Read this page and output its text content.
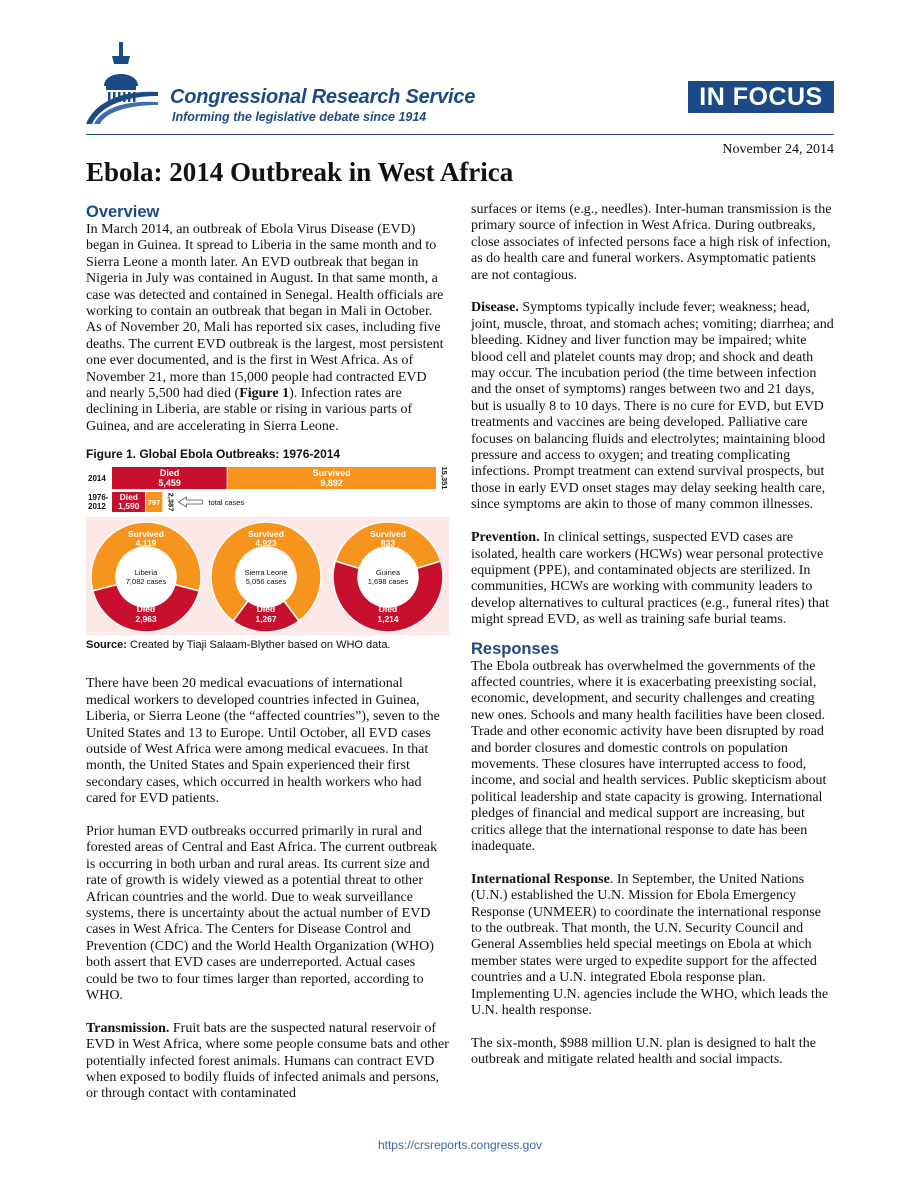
Congressional Research Service
Informing the legislative debate since 1914
IN FOCUS
November 24, 2014
Ebola: 2014 Outbreak in West Africa
Overview

In March 2014, an outbreak of Ebola Virus Disease (EVD) began in Guinea. It spread to Liberia in the same month and to Sierra Leone a month later. An EVD outbreak that began in Nigeria in July was contained in August. In that same month, a case was detected and contained in Senegal. Health officials are working to contain an outbreak that began in Mali in October. As of November 20, Mali has reported six cases, including five deaths. The current EVD outbreak is the largest, most persistent one ever documented, and is the first in West Africa. As of November 21, more than 15,000 people had contracted EVD and nearly 5,500 had died (Figure 1). Infection rates are declining in Liberia, are stable or rising in various parts of Guinea, and are accelerating in Sierra Leone.

Figure 1. Global Ebola Outbreaks: 1976-2014
2014	15,351
1976-
2012	2,387
Died
5,459
Survived
9,892
Died
1,590 797	total cases
Liberia
7,082 cases
Survived
4,119
Died
2,963
Sierra Leone
5,056 cases
Survived
4,923
Died
1,267
Guinea
1,698 cases
Survived
833
Died
1,214
Source: Created by Tiaji Salaam-Blyther based on WHO data.

There have been 20 medical evacuations of international medical workers to developed countries infected in Guinea, Liberia, or Sierra Leone (the “affected countries”), seven to the United States and 13 to Europe. Until October, all EVD cases outside of West Africa were among medical evacuees. In that month, the United States and Spain experienced their first secondary cases, which occurred in health workers who had cared for EVD patients.

Prior human EVD outbreaks occurred primarily in rural and forested areas of Central and East Africa. The current outbreak is occurring in both urban and rural areas. Its current size and rate of growth is widely viewed as a potential threat to other African countries and the world. Due to weak surveillance systems, there is uncertainty about the actual number of EVD cases in West Africa. The Centers for Disease Control and Prevention (CDC) and the World Health Organization (WHO) both assert that EVD cases are underreported. Actual cases could be two to four times larger than reported, according to WHO.

Transmission. Fruit bats are the suspected natural reservoir of EVD in West Africa, where some people consume bats and other potentially infected forest animals. Humans can contract EVD when exposed to bodily fluids of infected animals and persons, or through contact with contaminated

surfaces or items (e.g., needles). Inter-human transmission is the primary source of infection in West Africa. During outbreaks, close associates of infected persons face a high risk of infection, as do health care and funeral workers. Asymptomatic patients are not contagious.

Disease. Symptoms typically include fever; weakness; head, joint, muscle, throat, and stomach aches; vomiting; diarrhea; and bleeding. Kidney and liver function may be impaired; white blood cell and platelet counts may drop; and shock and death may occur. The incubation period (the time between infection and the onset of symptoms) ranges between two and 21 days, but is usually 8 to 10 days. There is no cure for EVD, but EVD treatments and vaccines are being developed. Palliative care focuses on balancing fluids and electrolytes; maintaining blood pressure and access to oxygen; and treating complicating infections. Prompt treatment can extend survival prospects, but those in early EVD onset stages may delay seeking health care, since symptoms are akin to those of many common illnesses.

Prevention. In clinical settings, suspected EVD cases are isolated, health care workers (HCWs) wear personal protective equipment (PPE), and contaminated objects are sterilized. In communities, HCWs are working with community leaders to develop alternatives to cultural practices (e.g., funeral rites) that might spread EVD, as well as training safe burial teams.

Responses

The Ebola outbreak has overwhelmed the governments of the affected countries, where it is exacerbating preexisting social, economic, development, and security challenges and creating new ones. Schools and many health facilities have been closed. Trade and other economic activity have been disrupted by road and border closures and domestic controls on population movements. These closures have interrupted access to food, income, and social and health services. Public skepticism about political leadership and state capacity is growing. International pledges of financial and medical support are increasing, but critics allege that the international response to date has been inadequate.

International Response. In September, the United Nations (U.N.) established the U.N. Mission for Ebola Emergency Response (UNMEER) to coordinate the international response to the outbreak. That month, the U.N. Security Council and General Assemblies held special meetings on Ebola at which member states were urged to expedite support for the affected countries and a U.N. integrated Ebola response plan. Implementing U.N. agencies include the WHO, which leads the U.N. health response.

The six-month, $988 million U.N. plan is designed to halt the outbreak and mitigate related health and social impacts.

https://crsreports.congress.gov
